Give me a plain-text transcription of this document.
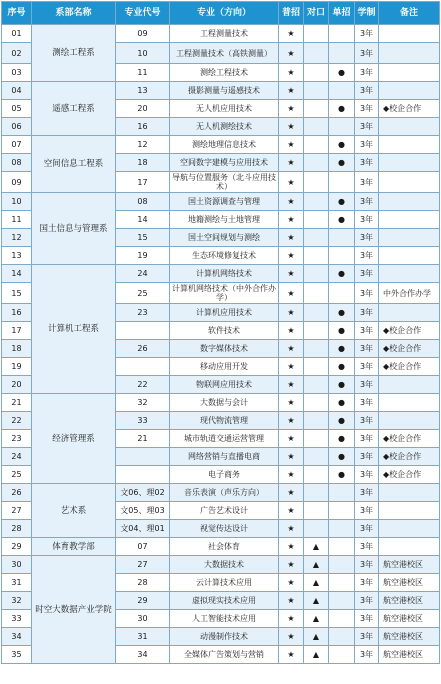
序号	系部名称	专业代号	专业（方向）	普招	对口	单招	学制	备注
01	测绘工程系	09	工程测量技术	★			3年	
02		10	工程测量技术（高铁测量）	★			3年	
03		11	测绘工程技术	★		●	3年	
04	遥感工程系	13	摄影测量与遥感技术	★			3年	
05		20	无人机应用技术	★		●	3年	◆校企合作
06		16	无人机测绘技术	★			3年	
07	空间信息工程系	12	测绘地理信息技术	★		●	3年	
08		18	空间数字建模与应用技术	★		●	3年	
09		17	导航与位置服务（北斗应用技术）	★			3年	
10	国土信息与管理系	08	国土资源调查与管理	★		●	3年	
11		14	地籍测绘与土地管理	★		●	3年	
12		15	国土空间规划与测绘	★			3年	
13		19	生态环境修复技术	★			3年	
14	计算机工程系	24	计算机网络技术	★		●	3年	
15		25	计算机网络技术（中外合作办学）	★			3年	中外合作办学
16		23	计算机应用技术	★		●	3年	
17			软件技术	★		●	3年	◆校企合作
18		26	数字媒体技术	★		●	3年	◆校企合作
19			移动应用开发	★		●	3年	◆校企合作
20		22	物联网应用技术	★		●	3年	
21	经济管理系	32	大数据与会计	★		●	3年	
22		33	现代物流管理	★		●	3年	
23		21	城市轨道交通运营管理	★		●	3年	◆校企合作
24			网络营销与直播电商	★		●	3年	◆校企合作
25			电子商务	★		●	3年	◆校企合作
26	艺术系	文06、理02	音乐表演（声乐方向）	★			3年	
27		文05、理03	广告艺术设计	★			3年	
28		文04、理01	视觉传达设计	★			3年	
29	体育教学部	07	社会体育	★	▲		3年	
30	时空大数据产业学院	27	大数据技术	★	▲		3年	航空港校区
31		28	云计算技术应用	★	▲		3年	航空港校区
32		29	虚拟现实技术应用	★	▲		3年	航空港校区
33		30	人工智能技术应用	★	▲		3年	航空港校区
34		31	动漫制作技术	★	▲		3年	航空港校区
35		34	全媒体广告策划与营销	★	▲		3年	航空港校区
